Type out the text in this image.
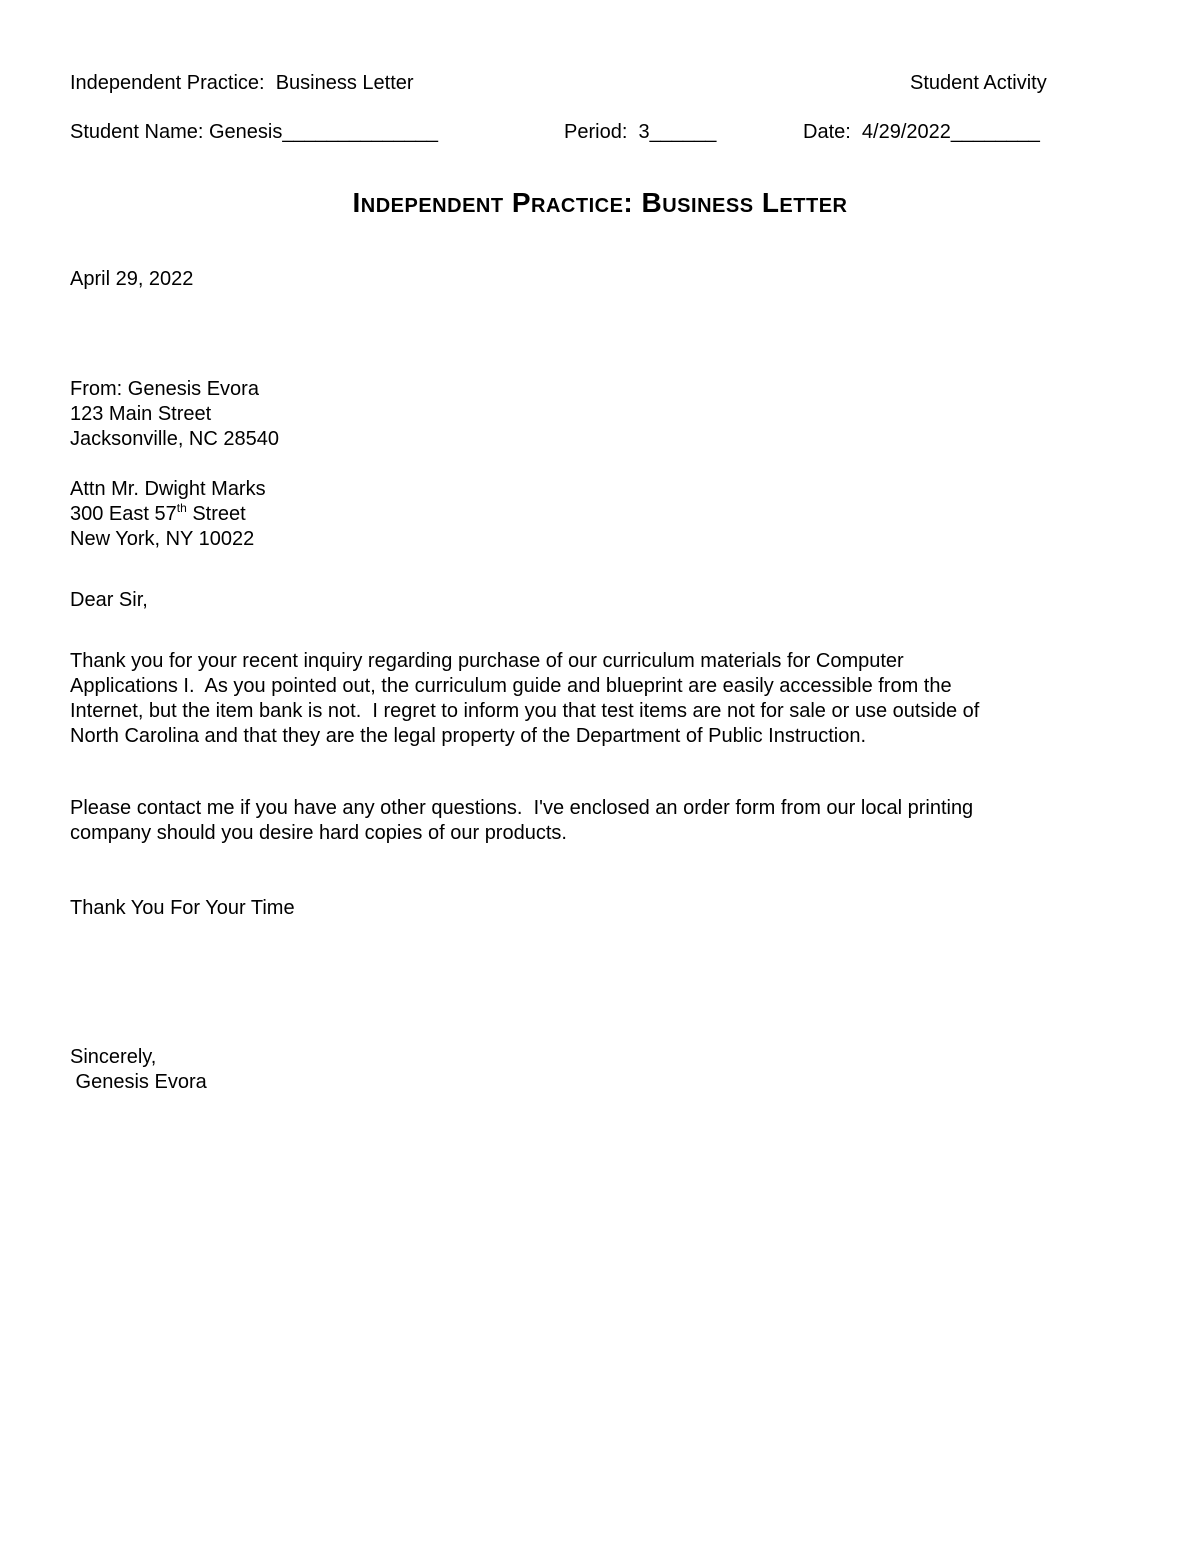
Independent Practice:  Business Letter	Student Activity
Student Name: Genesis______________	Period:  3______	Date:  4/29/2022________
Independent Practice: Business Letter
April 29, 2022
From: Genesis Evora
123 Main Street
Jacksonville, NC 28540
Attn Mr. Dwight Marks
300 East 57th Street
New York, NY 10022
Dear Sir,
Thank you for your recent inquiry regarding purchase of our curriculum materials for Computer
Applications I.  As you pointed out, the curriculum guide and blueprint are easily accessible from the
Internet, but the item bank is not.  I regret to inform you that test items are not for sale or use outside of
North Carolina and that they are the legal property of the Department of Public Instruction.
Please contact me if you have any other questions.  I've enclosed an order form from our local printing
company should you desire hard copies of our products.
Thank You For Your Time
Sincerely,
Genesis Evora
